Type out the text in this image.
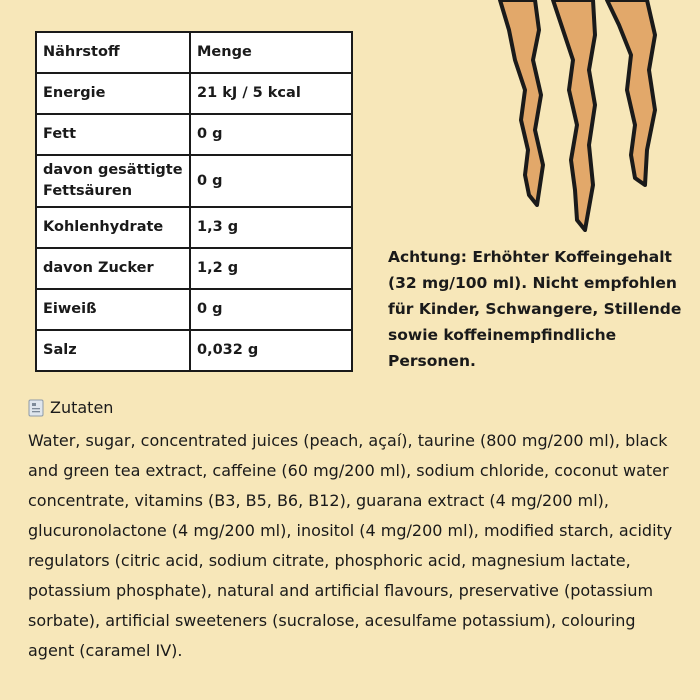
Nährstoff	Menge
Energie	21 kJ / 5 kcal
Fett	0 g
davon gesättigte Fettsäuren	0 g
Kohlenhydrate	1,3 g
davon Zucker	1,2 g
Eiweiß	0 g
Salz	0,032 g
Achtung: Erhöhter Koffeingehalt (32 mg/100 ml). Nicht empfohlen für Kinder, Schwangere, Stillende sowie koffeinempfindliche Personen.
Zutaten
Water, sugar, concentrated juices (peach, açaí), taurine (800 mg/200 ml), black and green tea extract, caffeine (60 mg/200 ml), sodium chloride, coconut water concentrate, vitamins (B3, B5, B6, B12), guarana extract (4 mg/200 ml), glucuronolactone (4 mg/200 ml), inositol (4 mg/200 ml), modified starch, acidity regulators (citric acid, sodium citrate, phosphoric acid, magnesium lactate, potassium phosphate), natural and artificial flavours, preservative (potassium sorbate), artificial sweeteners (sucralose, acesulfame potassium), colouring agent (caramel IV).
